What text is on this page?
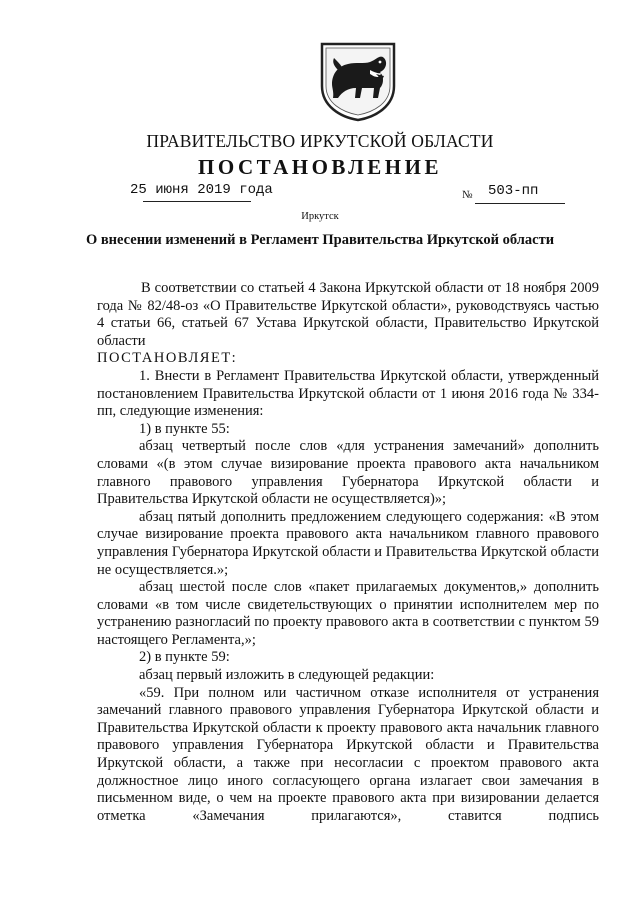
ПРАВИТЕЛЬСТВО ИРКУТСКОЙ ОБЛАСТИ
ПОСТАНОВЛЕНИЕ
25 июня 2019 года	№ 503-пп
Иркутск
О внесении изменений в Регламент Правительства Иркутской области

В соответствии со статьей 4 Закона Иркутской области от 18 ноября 2009 года № 82/48-оз «О Правительстве Иркутской области», руководствуясь частью 4 статьи 66, статьей 67 Устава Иркутской области, Правительство Иркутской области

ПОСТАНОВЛЯЕТ:

1. Внести в Регламент Правительства Иркутской области, утвержденный постановлением Правительства Иркутской области от 1 июня 2016 года № 334-пп, следующие изменения:

1) в пункте 55:

абзац четвертый после слов «для устранения замечаний» дополнить словами «(в этом случае визирование проекта правового акта начальником главного правового управления Губернатора Иркутской области и Правительства Иркутской области не осуществляется)»;

абзац пятый дополнить предложением следующего содержания: «В этом случае визирование проекта правового акта начальником главного правового управления Губернатора Иркутской области и Правительства Иркутской области не осуществляется.»;

абзац шестой после слов «пакет прилагаемых документов,» дополнить словами «в том числе свидетельствующих о принятии исполнителем мер по устранению разногласий по проекту правового акта в соответствии с пунктом 59 настоящего Регламента,»;

2) в пункте 59:

абзац первый изложить в следующей редакции:

«59. При полном или частичном отказе исполнителя от устранения замечаний главного правового управления Губернатора Иркутской области и Правительства Иркутской области к проекту правового акта начальник главного правового управления Губернатора Иркутской области и Правительства Иркутской области, а также при несогласии с проектом правового акта должностное лицо иного согласующего органа излагает свои замечания в письменном виде, о чем на проекте правового акта при визировании делается отметка «Замечания прилагаются», ставится подпись
